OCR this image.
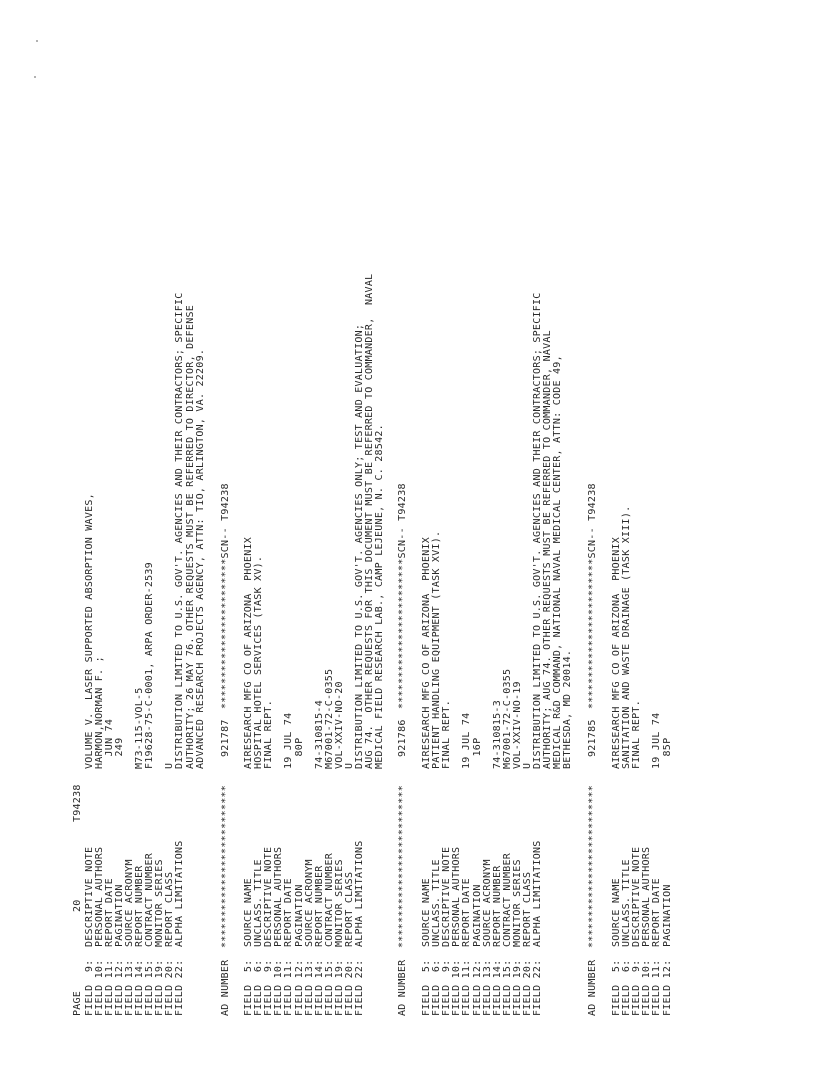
PAGE
20
T94238
FIELD  9:  DESCRIPTIVE NOTE FIELD 10:  PERSONAL AUTHORS FIELD 11:  REPORT DATE FIELD 12:  PAGINATION FIELD 13:  SOURCE ACRONYM FIELD 14:  REPORT NUMBER FIELD 15:  CONTRACT NUMBER FIELD 19:  MONITOR SERIES FIELD 20:  REPORT CLASS FIELD 22:  ALPHA LIMITATIONS
VOLUME V.  LASER SUPPORTED ABSORPTION WAVES, HARMON,NORMAN F. ; JUN 74 249 M73-115-VOL-5 F19628-75-C-0001, ARPA ORDER-2539 U DISTRIBUTION LIMITED TO U.S. GOV'T. AGENCIES AND THEIR CONTRACTORS; SPECIFIC AUTHORITY; 26 MAY 76. OTHER REQUESTS MUST BE REFERRED TO DIRECTOR, DEFENSE ADVANCED RESEARCH PROJECTS AGENCY, ATTN: TIO, ARLINGTON, VA. 22209.
AD NUMBER
**************************
921787
************************SCN-- T94238
FIELD  5:  SOURCE NAME FIELD  6:  UNCLASS. TITLE FIELD  9:  DESCRIPTIVE NOTE FIELD 10:  PERSONAL AUTHORS FIELD 11:  REPORT DATE FIELD 12:  PAGINATION FIELD 13:  SOURCE ACRONYM FIELD 14:  REPORT NUMBER FIELD 15:  CONTRACT NUMBER FIELD 19:  MONITOR SERIES FIELD 20:  REPORT CLASS FIELD 22:  ALPHA LIMITATIONS
AIRESEARCH MFG CO OF ARIZONA  PHOENIX HOSPITAL HOTEL SERVICES (TASK XV). FINAL REPT. 19 JUL 74 80P 74-310815-4 M67001-72-C-0355 VOL-XXIV-NO-20 U DISTRIBUTION LIMITED TO U.S. GOV'T. AGENCIES ONLY; TEST AND EVALUATION; AUG 74.  OTHER REQUESTS FOR THIS DOCUMENT MUST BE REFERRED TO COMMANDER,  NAVAL MEDICAL FIELD RESEARCH LAB., CAMP LEJEUNE, N. C. 28542.
AD NUMBER
**************************
921786
************************SCN-- T94238
FIELD  5:  SOURCE NAME FIELD  6:  UNCLASS. TITLE FIELD  9:  DESCRIPTIVE NOTE FIELD 10:  PERSONAL AUTHORS FIELD 11:  REPORT DATE FIELD 12:  PAGINATION FIELD 13:  SOURCE ACRONYM FIELD 14:  REPORT NUMBER FIELD 15:  CONTRACT NUMBER FIELD 19:  MONITOR SERIES FIELD 20:  REPORT CLASS FIELD 22:  ALPHA LIMITATIONS
AIRESEARCH MFG CO OF ARIZONA  PHOENIX PATIENT HANDLING EQUIPMENT (TASK XVI). FINAL REPT. 19 JUL 74 16P 74-310815-3 M67001-72-C-0355 VOL-XXIV-NO-19 U DISTRIBUTION LIMITED TO U.S. GOV'T. AGENCIES AND THEIR CONTRACTORS; SPECIFIC AUTHORITY; AUG 74. OTHER REQUESTS MUST BE REFERRED TO COMMANDER, NAVAL MEDICAL R&D COMMAND, NATIONAL NAVAL MEDICAL CENTER, ATTN: CODE 49, BETHESDA, MD 20014.
AD NUMBER
**************************
921785
************************SCN-- T94238
FIELD  5:  SOURCE NAME FIELD  6:  UNCLASS. TITLE FIELD  9:  DESCRIPTIVE NOTE FIELD 10:  PERSONAL AUTHORS FIELD 11:  REPORT DATE FIELD 12:  PAGINATION
AIRESEARCH MFG CO OF ARIZONA  PHOENIX SANITATION AND WASTE DRAINAGE (TASK XIII). FINAL REPT. 19 JUL 74 85P
